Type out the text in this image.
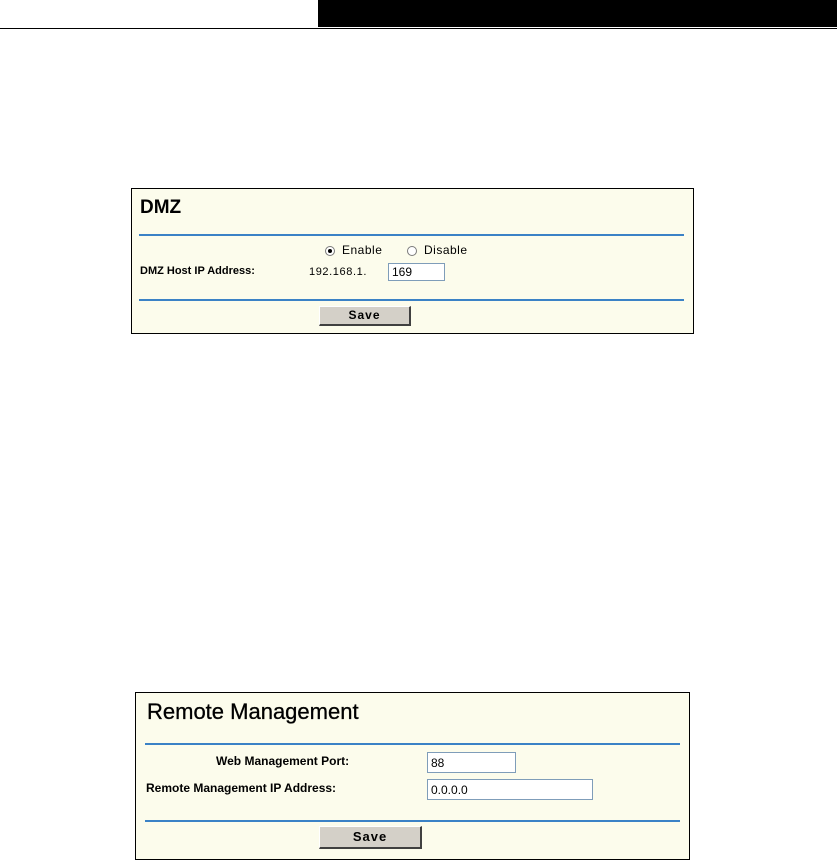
DMZ
Enable	Disable
DMZ Host IP Address:	192.168.1.
169
Save
Remote Management
Web Management Port:
88
Remote Management IP Address:
0.0.0.0
Save
